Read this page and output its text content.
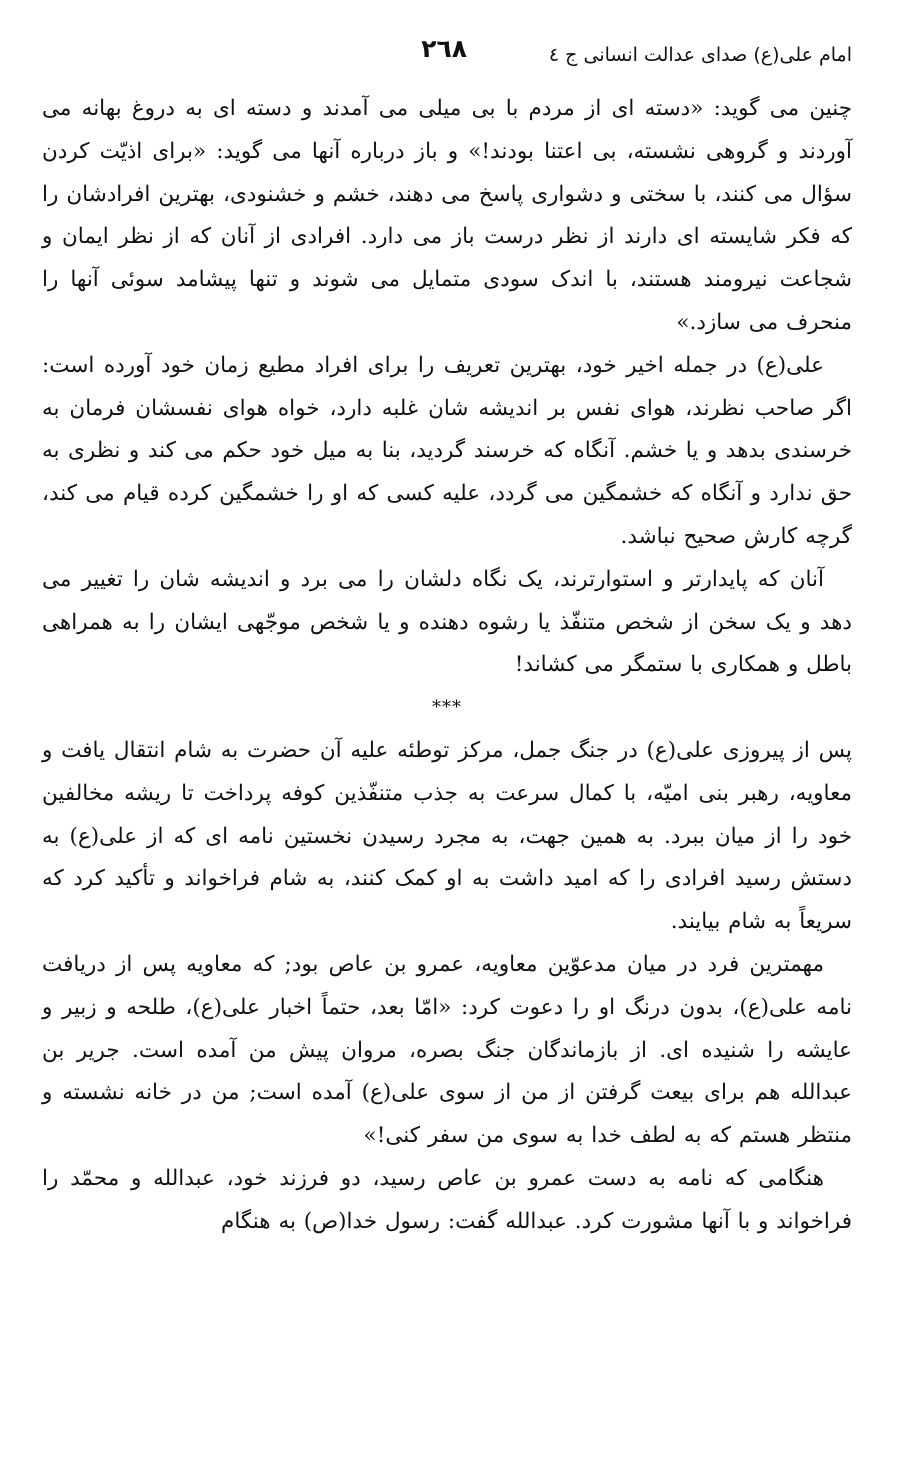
امام علی(ع) صدای عدالت انسانی ج ٤
٢٦٨

چنین می گوید: «دسته ای از مردم با بی میلی می آمدند و دسته ای به دروغ بهانه می آوردند و گروهی نشسته، بی اعتنا بودند!» و باز درباره آنها می گوید: «برای اذیّت کردن سؤال می کنند، با سختی و دشواری پاسخ می دهند، خشم و خشنودی، بهترین افرادشان را که فکر شایسته ای دارند از نظر درست باز می دارد. افرادی از آنان که از نظر ایمان و شجاعت نیرومند هستند، با اندک سودی متمایل می شوند و تنها پیشامد سوئی آنها را منحرف می سازد.»

علی(ع) در جمله اخیر خود، بهترین تعریف را برای افراد مطیع زمان خود آورده است: اگر صاحب نظرند، هوای نفس بر اندیشه شان غلبه دارد، خواه هوای نفسشان فرمان به خرسندی بدهد و یا خشم. آنگاه که خرسند گردید، بنا به میل خود حکم می کند و نظری به حق ندارد و آنگاه که خشمگین می گردد، علیه کسی که او را خشمگین کرده قیام می کند، گرچه کارش صحیح نباشد.

آنان که پایدارتر و استوارترند، یک نگاه دلشان را می برد و اندیشه شان را تغییر می دهد و یک سخن از شخص متنفّذ یا رشوه دهنده و یا شخص موجّهی ایشان را به همراهی باطل و همکاری با ستمگر می کشاند!

***

پس از پیروزی علی(ع) در جنگ جمل، مرکز توطئه علیه آن حضرت به شام انتقال یافت و معاویه، رهبر بنی امیّه، با کمال سرعت به جذب متنفّذین کوفه پرداخت تا ریشه مخالفین خود را از میان ببرد. به همین جهت، به مجرد رسیدن نخستین نامه ای که از علی(ع) به دستش رسید افرادی را که امید داشت به او کمک کنند، به شام فراخواند و تأکید کرد که سریعاً به شام بیایند.

مهمترین فرد در میان مدعوّین معاویه، عمرو بن عاص بود; که معاویه پس از دریافت نامه علی(ع)، بدون درنگ او را دعوت کرد: «امّا بعد، حتماً اخبار علی(ع)، طلحه و زبیر و عایشه را شنیده ای. از بازماندگان جنگ بصره، مروان پیش من آمده است. جریر بن عبدالله هم برای بیعت گرفتن از من از سوی علی(ع) آمده است; من در خانه نشسته و منتظر هستم که به لطف خدا به سوی من سفر کنی!»

هنگامی که نامه به دست عمرو بن عاص رسید، دو فرزند خود، عبدالله و محمّد را فراخواند و با آنها مشورت کرد. عبدالله گفت: رسول خدا(ص) به هنگام
